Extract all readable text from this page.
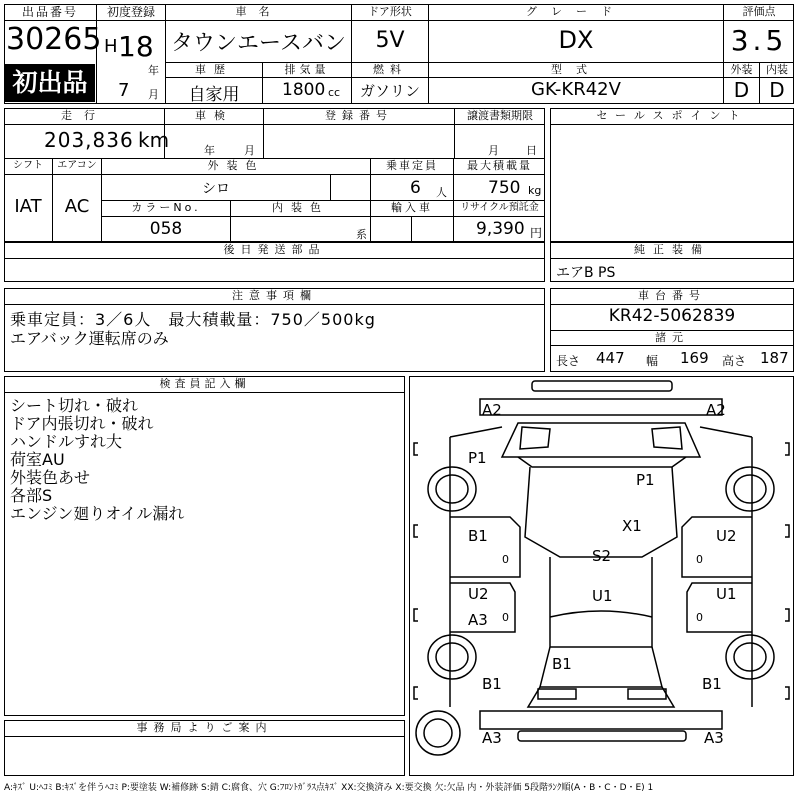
出品番号
30265
初出品
初度登録
H 18
年
7 月
車名
タウンエースバン
ドア形状
5V
グレード
DX
評価点
3.5
車歴
自家用
排気量
1800 cc
燃料
ガソリン
型式
GK-KR42V
外装	内装
D	D
走行
203,836 km
車検
年	月
登録番号	譲渡書類期限
月 日
シフト
IAT
エアコン
AC
外装色
シロ
乗車定員
6 人
最大積載量
750 kg
カラーNo.
058
内装色
系
輸入車	リサイクル預託金
9,390 円
後日発送部品
セールスポイント
純正装備
エアB PS
注意事項欄
乗車定員：3／6人　最大積載量：750／500kg
エアバック運転席のみ
車台番号
KR42-5062839
諸元
長さ 447 幅 169 高さ 187
検査員記入欄
シート切れ・破れ
ドア内張切れ・破れ
ハンドルすれ大
荷室AU
外装色あせ
各部S
エンジン廻りオイル漏れ
事務局よりご案内
A2	A2
P1
P1
X1
B1	U2
S2
U2	U1
U1
A3
B1
B1	B1
A3	A3
0	0
0	0
A:ｷｽﾞ U:ﾍｺﾐ B:ｷｽﾞを伴うﾍｺﾐ P:要塗装 W:補修跡 S:錆 C:腐食、穴 G:ﾌﾛﾝﾄｶﾞﾗｽ点ｷｽﾞ XX:交換済み X:要交換 欠:欠品 内・外装評価 5段階ﾗﾝｸ順(A・B・C・D・E) 1
